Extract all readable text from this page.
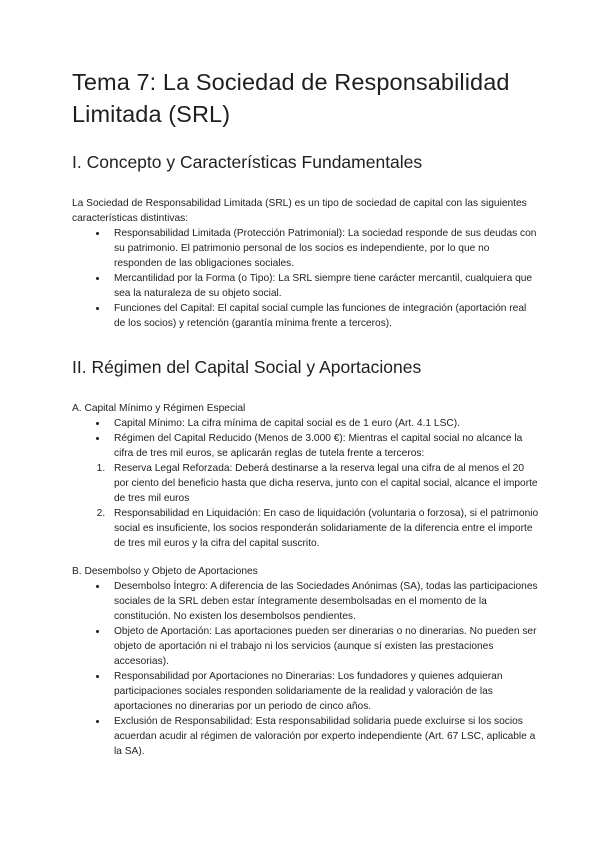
Tema 7: La Sociedad de Responsabilidad Limitada (SRL)
I. Concepto y Características Fundamentales

La Sociedad de Responsabilidad Limitada (SRL) es un tipo de sociedad de capital con las siguientes características distintivas:

• Responsabilidad Limitada (Protección Patrimonial): La sociedad responde de sus deudas con su patrimonio. El patrimonio personal de los socios es independiente, por lo que no responden de las obligaciones sociales.
• Mercantilidad por la Forma (o Tipo): La SRL siempre tiene carácter mercantil, cualquiera que sea la naturaleza de su objeto social.
• Funciones del Capital: El capital social cumple las funciones de integración (aportación real de los socios) y retención (garantía mínima frente a terceros).
II. Régimen del Capital Social y Aportaciones

A. Capital Mínimo y Régimen Especial

• Capital Mínimo: La cifra mínima de capital social es de 1 euro (Art. 4.1 LSC).
• Régimen del Capital Reducido (Menos de 3.000 €): Mientras el capital social no alcance la cifra de tres mil euros, se aplicarán reglas de tutela frente a terceros:
1. Reserva Legal Reforzada: Deberá destinarse a la reserva legal una cifra de al menos el 20 por ciento del beneficio hasta que dicha reserva, junto con el capital social, alcance el importe de tres mil euros
2. Responsabilidad en Liquidación: En caso de liquidación (voluntaria o forzosa), si el patrimonio social es insuficiente, los socios responderán solidariamente de la diferencia entre el importe de tres mil euros y la cifra del capital suscrito.

B. Desembolso y Objeto de Aportaciones

• Desembolso Íntegro: A diferencia de las Sociedades Anónimas (SA), todas las participaciones sociales de la SRL deben estar íntegramente desembolsadas en el momento de la constitución. No existen los desembolsos pendientes.
• Objeto de Aportación: Las aportaciones pueden ser dinerarias o no dinerarias. No pueden ser objeto de aportación ni el trabajo ni los servicios (aunque sí existen las prestaciones accesorias).
• Responsabilidad por Aportaciones no Dinerarias: Los fundadores y quienes adquieran participaciones sociales responden solidariamente de la realidad y valoración de las aportaciones no dinerarias por un periodo de cinco años.
• Exclusión de Responsabilidad: Esta responsabilidad solidaria puede excluirse si los socios acuerdan acudir al régimen de valoración por experto independiente (Art. 67 LSC, aplicable a la SA).
